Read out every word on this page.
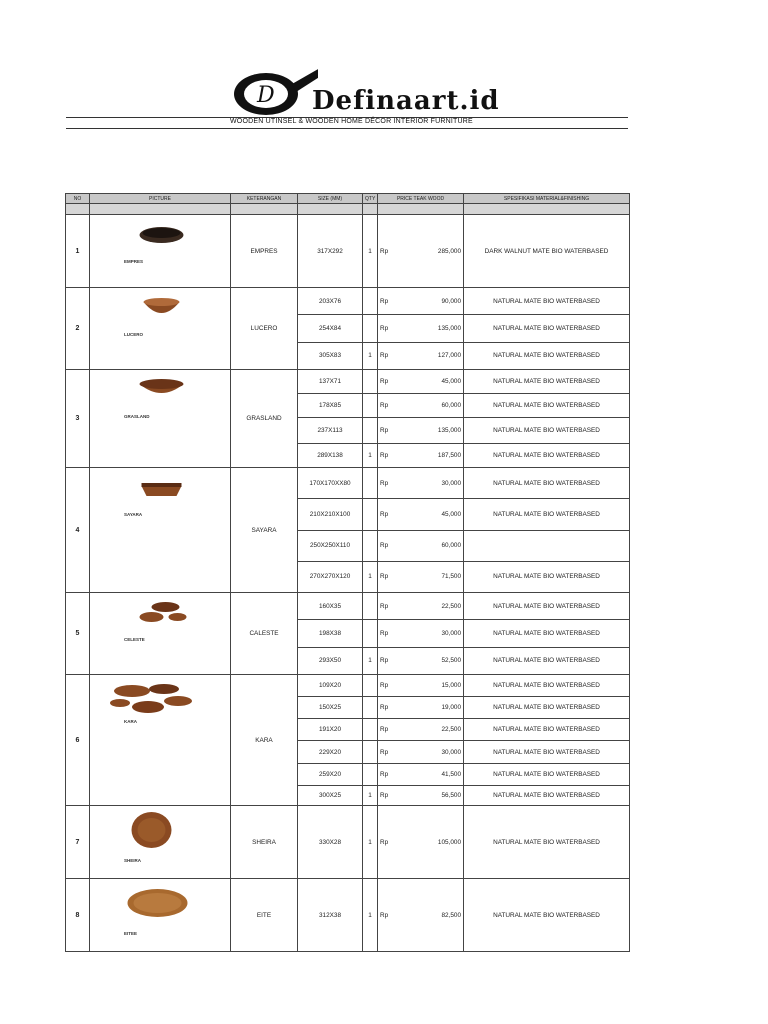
D Definaart.id
WOODEN UTINSEL & WOODEN HOME DÉCOR INTERIOR FURNITURE
NO	PICTURE	KETERANGAN	SIZE (MM)	QTY	PRICE TEAK WOOD		SPESIFIKASI MATERIAL&FINISHING

1	EMPRES	EMPRES	317X292	1	Rp	285,000	DARK WALNUT MATE BIO WATERBASED
2	LUCERO	LUCERO	203X76		Rp	90,000	NATURAL MATE BIO WATERBASED
			254X84		Rp	135,000	NATURAL MATE BIO WATERBASED
			305X83	1	Rp	127,000	NATURAL MATE BIO WATERBASED
3	GRASLAND	GRASLAND	137X71		Rp	45,000	NATURAL MATE BIO WATERBASED
			178X85		Rp	60,000	NATURAL MATE BIO WATERBASED
			237X113		Rp	135,000	NATURAL MATE BIO WATERBASED
			289X138	1	Rp	187,500	NATURAL MATE BIO WATERBASED
4	SAYARA	SAYARA	170X170XX80		Rp	30,000	NATURAL MATE BIO WATERBASED
			210X210X100		Rp	45,000	NATURAL MATE BIO WATERBASED
			250X250X110		Rp	60,000	
			270X270X120	1	Rp	71,500	NATURAL MATE BIO WATERBASED
5	CELESTE	CALESTE	160X35		Rp	22,500	NATURAL MATE BIO WATERBASED
			198X38		Rp	30,000	NATURAL MATE BIO WATERBASED
			293X50	1	Rp	52,500	NATURAL MATE BIO WATERBASED
6	KARA	KARA	109X20		Rp	15,000	NATURAL MATE BIO WATERBASED
			150X25		Rp	19,000	NATURAL MATE BIO WATERBASED
			191X20		Rp	22,500	NATURAL MATE BIO WATERBASED
			229X20		Rp	30,000	NATURAL MATE BIO WATERBASED
			259X20		Rp	41,500	NATURAL MATE BIO WATERBASED
			300X25	1	Rp	56,500	NATURAL MATE BIO WATERBASED
7	SHEIRA	SHEIRA	330X28	1	Rp	105,000	NATURAL MATE BIO WATERBASED
8	EITEE	EITE	312X38	1	Rp	82,500	NATURAL MATE BIO WATERBASED
